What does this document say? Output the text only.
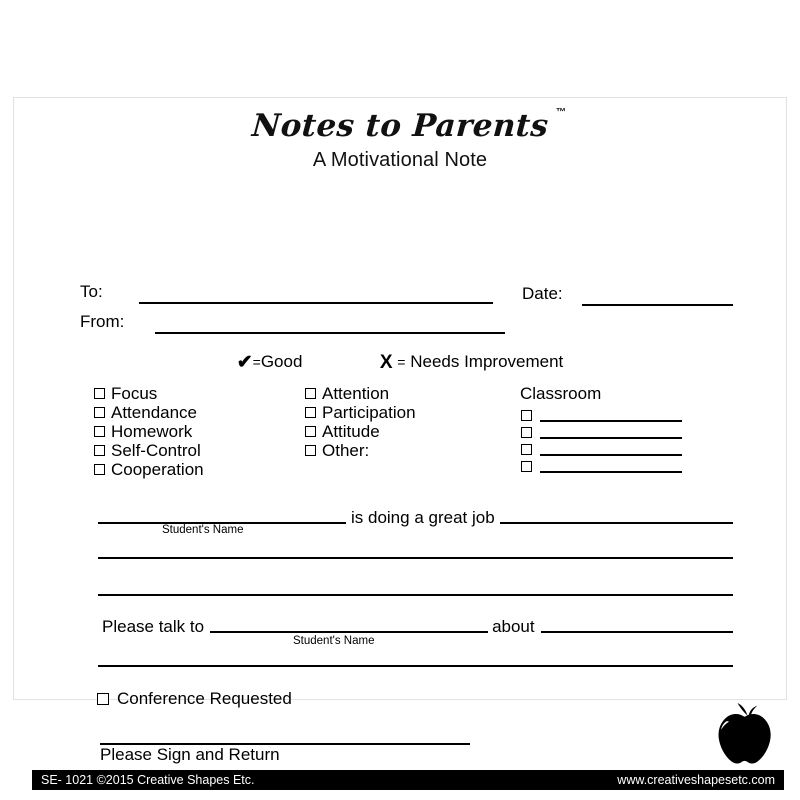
Notes to Parents ™
A Motivational Note
To:
From:
Date:
✔=Good	X = Needs Improvement
Focus
Attendance
Homework
Self-Control
Cooperation
Attention
Participation
Attitude
Other:
Classroom
is doing a great job
Student's Name
Please talk to	about
Student's Name
Conference Requested
Please Sign and Return
SE- 1021 ©2015 Creative Shapes Etc.	www.creativeshapesetc.com
